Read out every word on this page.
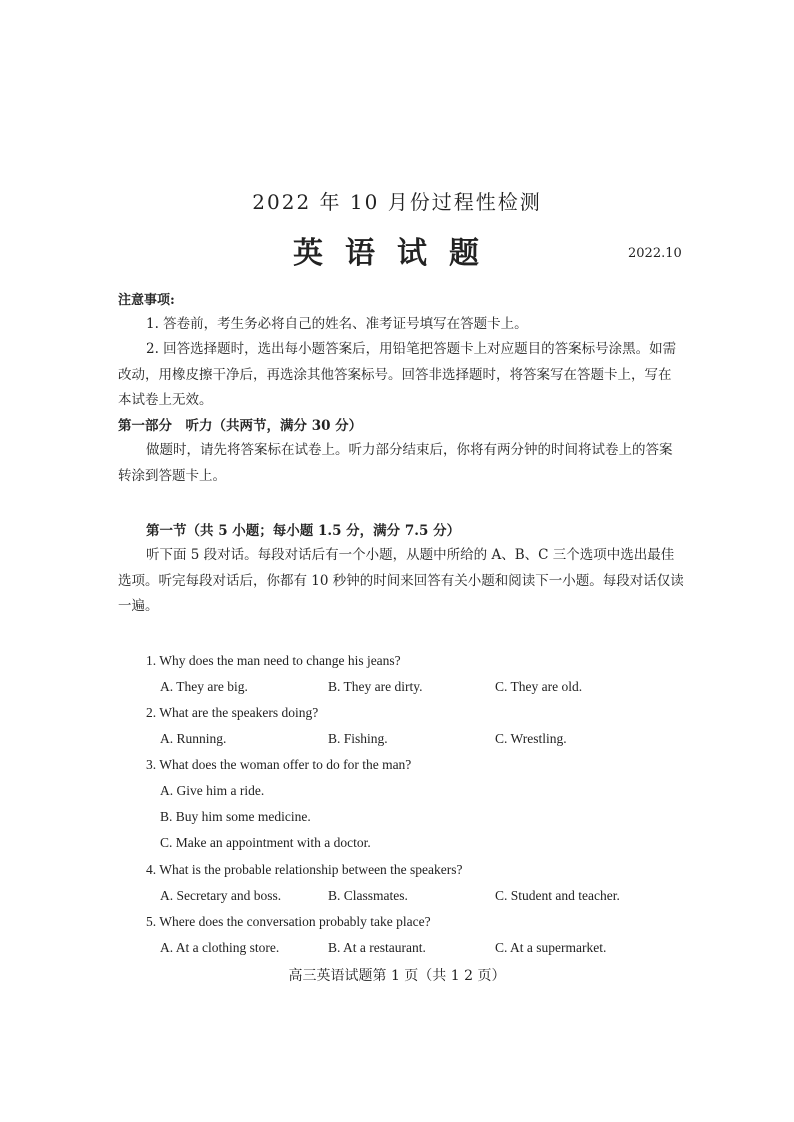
2022 年 10 月份过程性检测

英语试题	2022.10

注意事项:

1. 答卷前，考生务必将自己的姓名、准考证号填写在答题卡上。

2. 回答选择题时，选出每小题答案后，用铅笔把答题卡上对应题目的答案标号涂黑。如需改动，用橡皮擦干净后，再选涂其他答案标号。回答非选择题时，将答案写在答题卡上，写在本试卷上无效。

第一部分　听力（共两节，满分 30 分）

做题时，请先将答案标在试卷上。听力部分结束后，你将有两分钟的时间将试卷上的答案转涂到答题卡上。

第一节（共 5 小题；每小题 1.5 分，满分 7.5 分）

听下面 5 段对话。每段对话后有一个小题，从题中所给的 A、B、C 三个选项中选出最佳选项。听完每段对话后，你都有 10 秒钟的时间来回答有关小题和阅读下一小题。每段对话仅读一遍。

1. Why does the man need to change his jeans?

A. They are big.	B. They are dirty.	C. They are old.

2. What are the speakers doing?

A. Running.	B. Fishing.	C. Wrestling.

3. What does the woman offer to do for the man?

A. Give him a ride.

B. Buy him some medicine.

C. Make an appointment with a doctor.

4. What is the probable relationship between the speakers?

A. Secretary and boss.	B. Classmates.	C. Student and teacher.

5. Where does the conversation probably take place?

A. At a clothing store.	B. At a restaurant.	C. At a supermarket.

高三英语试题第 1 页（共 1 2 页）
